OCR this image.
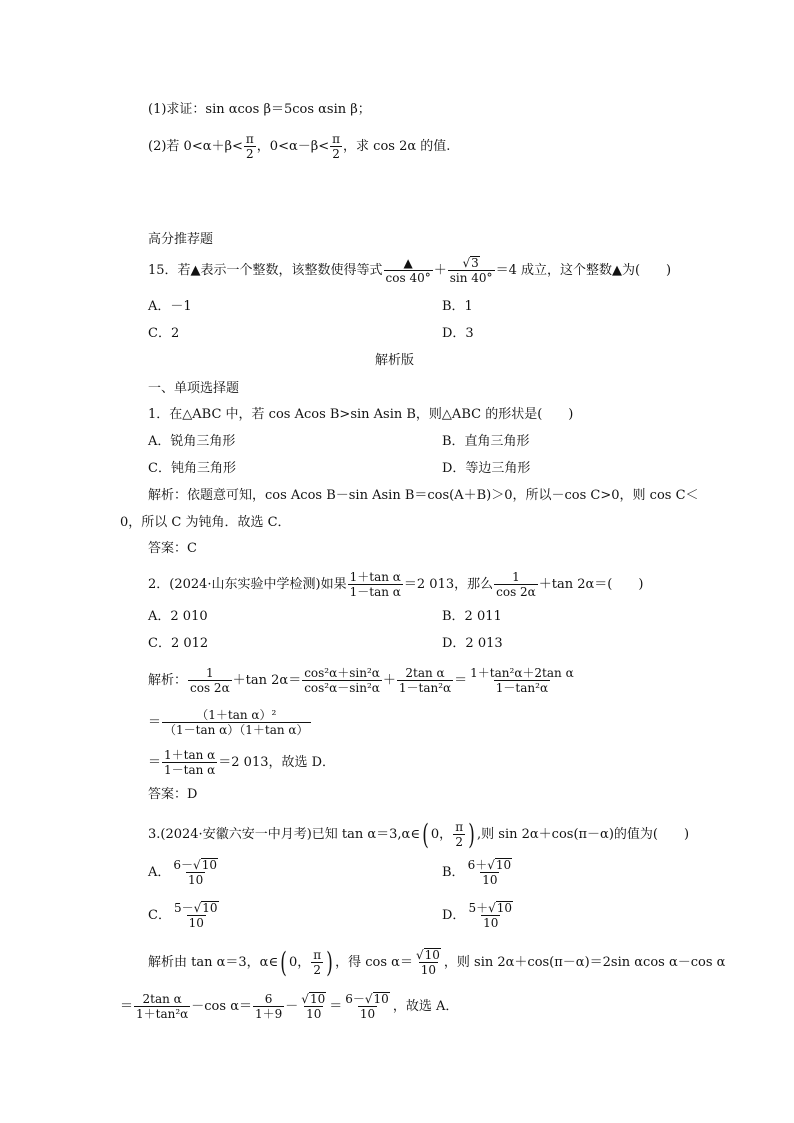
(1)求证：sin αcos β＝5cos αsin β；
(2)若 $0<\alpha+\beta< \frac{\pi}{2}$ ，$0<\alpha-\beta< \frac{\pi}{2}$ ，求 cos 2α 的值.
高分推荐题
15．若▲表示一个整数，该整数使得等式 $\frac{▲}{\cos 40^\circ} + \frac{√ 3}{\sin 40^\circ} =4$ 成立，这个整数▲为(　　)
A．－1	B．1
C．2	D．3
解析版
一、单项选择题
1．在△ABC 中，若 cos Acos B>sin Asin B，则△ABC 的形状是(　　)
A．锐角三角形	B．直角三角形
C．钝角三角形	D．等边三角形
解析：依题意可知，cos Acos B－sin Asin B＝cos(A＋B)＞0，所以－cos C>0，则 cos C＜
0，所以 C 为钝角．故选 C．
答案：C
2．(2024·山东实验中学检测)如果 $\frac{\text{1＋tan α}}{\text{1－tan α}} =2$ 013，那么 $\frac{1}{\cos 2\alpha} +\tan$ 2α＝(　　)
A．2 010	B．2 011
C．2 012	D．2 013
解析： $\frac{1}{\cos 2\alpha} +\tan$ $2\alpha= \frac{\text{cos²α＋sin²α}}{\text{cos²α－sin²α}} + \frac{\text{2tan α}}{\text{1－tan²α}} = \frac{\text{1＋tan²α＋2tan α}}{\text{1－tan²α}}$
＝ $\frac{\text{（1＋tan α）²}}{\text{（1－tan α）（1＋tan α）}}$
＝ $\frac{\text{1＋tan α}}{\text{1－tan α}} =2$ 013，故选 D．
答案：D
3.(2024·安徽六安一中月考)已知 tan α＝3,α∈( 0， $\frac{\pi}{2}$ ) ,则 sin 2α＋cos(π－α)的值为(　　)
A． $\frac{6- √ 10}{10}$	B． $\frac{6+ √ 10}{10}$
C． $\frac{5- √ 10}{10}$	D． $\frac{5+ √ 10}{10}$
解析由 tan α＝3，α∈( 0， $\frac{\pi}{2}$ ) ，得 $\cos \alpha= \frac{√ 10}{10}$ ，则 sin 2α＋cos(π－α)＝2sin αcos α－cos α
＝ $\frac{\text{2tan α}}{\text{1＋tan²α}} -\cos$ $\alpha= \frac{6}{1+9} - \frac{√ 10}{10} = \frac{6- √ 10}{10}$ ，故选 A．
